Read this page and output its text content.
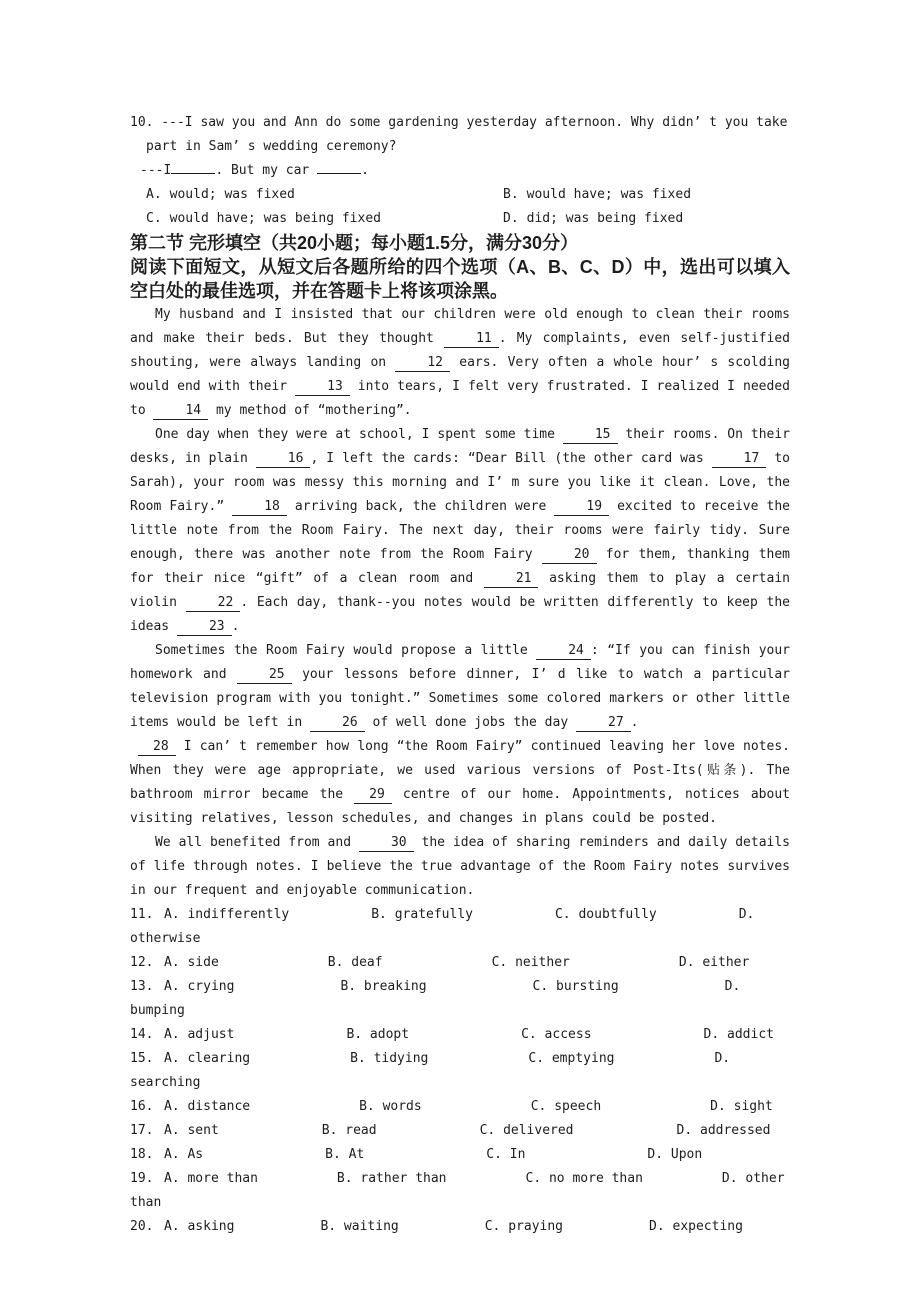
10. ---I saw you and Ann do some gardening yesterday afternoon. Why didn’ t you take
part in Sam’ s wedding ceremony?
---I	. But my car	.
A. would; was fixed	B. would have; was fixed
C. would have; was being fixed	D. did; was being fixed
第二节 完形填空（共20小题；每小题1.5分，满分30分）
阅读下面短文，从短文后各题所给的四个选项（A、B、C、D）中，选出可以填入空白处的最佳选项，并在答题卡上将该项涂黑。

My husband and I insisted that our children were old enough to clean their rooms and make their beds. But they thought 11 . My complaints, even self-justified shouting, were always landing on 12 ears. Very often a whole hour’ s scolding would end with their 13 into tears, I felt very frustrated. I realized I needed to 14 my method of “mothering”.

One day when they were at school, I spent some time 15 their rooms. On their desks, in plain 16 , I left the cards: “Dear Bill (the other card was 17 to Sarah), your room was messy this morning and I’ m sure you like it clean. Love, the Room Fairy.” 18 arriving back, the children were 19 excited to receive the little note from the Room Fairy. The next day, their rooms were fairly tidy. Sure enough, there was another note from the Room Fairy 20 for them, thanking them for their nice “gift” of a clean room and 21 asking them to play a certain violin 22 . Each day, thank--you notes would be written differently to keep the ideas 23 .

Sometimes the Room Fairy would propose a little 24 : “If you can finish your homework and 25 your lessons before dinner, I’ d like to watch a particular television program with you tonight.” Sometimes some colored markers or other little items would be left in 26 of well done jobs the day 27 .

28 I can’ t remember how long “the Room Fairy” continued leaving her love notes. When they were age appropriate, we used various versions of Post-Its(贴条). The bathroom mirror became the 29 centre of our home. Appointments, notices about visiting relatives, lesson schedules, and changes in plans could be posted.

We all benefited from and 30 the idea of sharing reminders and daily details of life through notes. I believe the true advantage of the Room Fairy notes survives in our frequent and enjoyable communication.

11. A. indifferently	B. gratefully	C. doubtfully	D. otherwise
12. A. side	B. deaf	C. neither	D. either
13. A. crying	B. breaking	C. bursting	D. bumping
14. A. adjust	B. adopt	C. access	D. addict
15. A. clearing	B. tidying	C. emptying	D. searching
16. A. distance	B. words	C. speech	D. sight
17. A. sent	B. read	C. delivered	D. addressed
18. A. As	B. At	C. In	D. Upon
19. A. more than	B. rather than	C. no more than	D. other than
20. A. asking	B. waiting	C. praying	D. expecting
